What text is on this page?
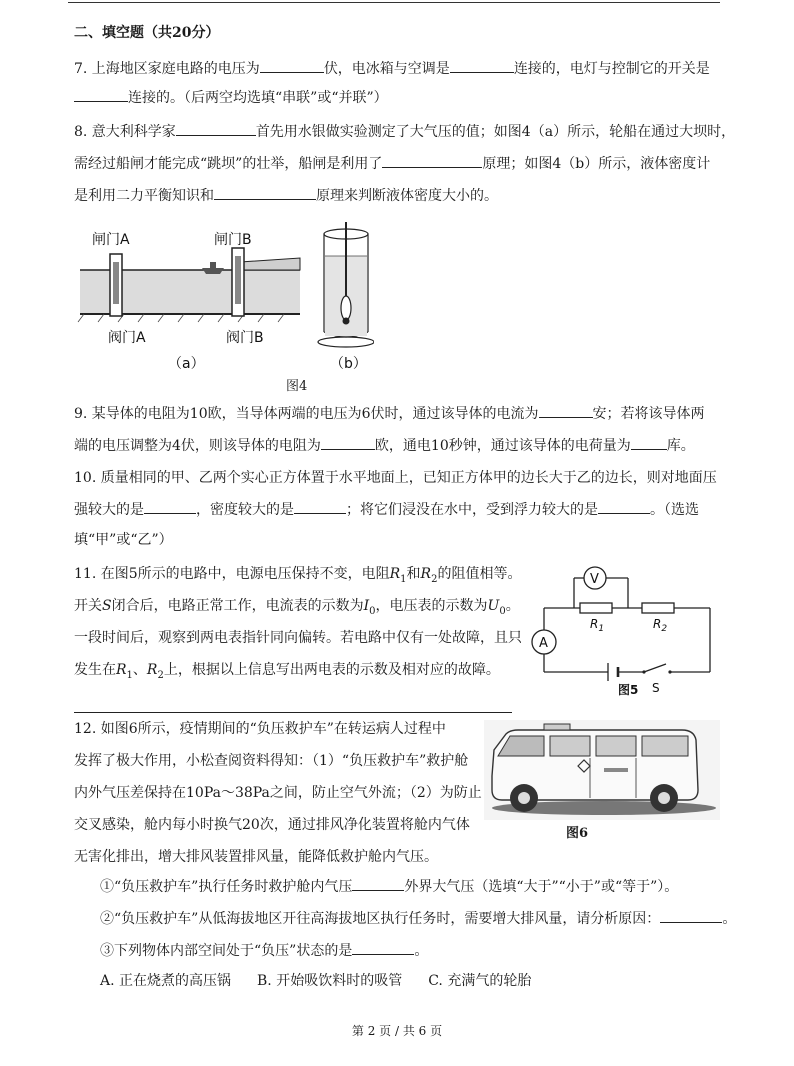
二、填空题（共20分）
7. 上海地区家庭电路的电压为	伏，电冰箱与空调是	连接的，电灯与控制它的开关是
连接的。（后两空均选填“串联”或“并联”）
8. 意大利科学家	首先用水银做实验测定了大气压的值；如图4（a）所示，轮船在通过大坝时，
需经过船闸才能完成“跳坝”的壮举，船闸是利用了	原理；如图4（b）所示，液体密度计
是利用二力平衡知识和	原理来判断液体密度大小的。
闸门A	闸门B
阀门A	阀门B
（a）	（b）
图4
9. 某导体的电阻为10欧，当导体两端的电压为6伏时，通过该导体的电流为	安；若将该导体两
端的电压调整为4伏，则该导体的电阻为	欧，通电10秒钟，通过该导体的电荷量为	库。
10. 质量相同的甲、乙两个实心正方体置于水平地面上，已知正方体甲的边长大于乙的边长，则对地面压
强较大的是	，密度较大的是	；将它们浸没在水中，受到浮力较大的是	。（选选
填“甲”或“乙”）
11. 在图5所示的电路中，电源电压保持不变，电阻$R_1$和$R_2$的阻值相等。
开关S闭合后，电路正常工作，电流表的示数为$I_0$，电压表的示数为$U_0$。
一段时间后，观察到两电表指针同向偏转。若电路中仅有一处故障，且只
发生在$R_1$、$R_2$上，根据以上信息写出两电表的示数及相对应的故障。
V
A
$R_1$	$R_2$
S
图5
12. 如图6所示，疫情期间的“负压救护车”在转运病人过程中
发挥了极大作用，小松查阅资料得知：（1）“负压救护车”救护舱
内外气压差保持在10Pa～38Pa之间，防止空气外流；（2）为防止
交叉感染，舱内每小时换气20次，通过排风净化装置将舱内气体
无害化排出，增大排风装置排风量，能降低救护舱内气压。
图6
①“负压救护车”执行任务时救护舱内气压	外界大气压（选填“大于”“小于”或“等于”）。
②“负压救护车”从低海拔地区开往高海拔地区执行任务时，需要增大排风量，请分析原因：	。
③下列物体内部空间处于“负压”状态的是	。
A. 正在烧煮的高压锅 B. 开始吸饮料时的吸管 C. 充满气的轮胎
第 2 页 / 共 6 页
